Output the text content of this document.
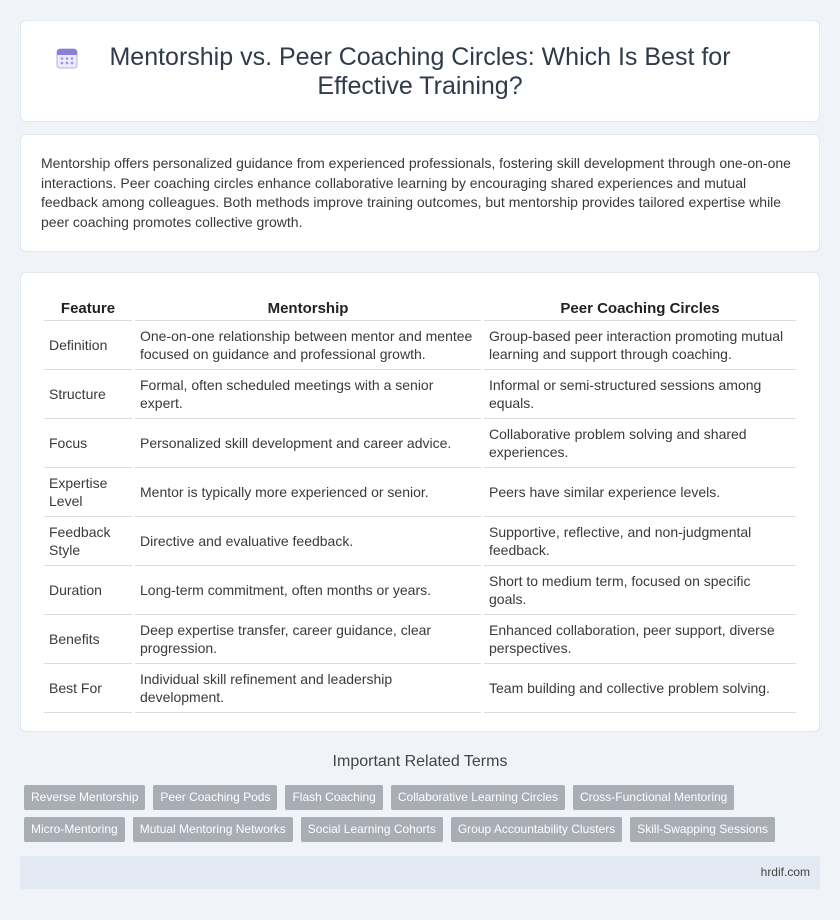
Mentorship vs. Peer Coaching Circles: Which Is Best for Effective Training?

Mentorship offers personalized guidance from experienced professionals, fostering skill development through one-on-one interactions. Peer coaching circles enhance collaborative learning by encouraging shared experiences and mutual feedback among colleagues. Both methods improve training outcomes, but mentorship provides tailored expertise while peer coaching promotes collective growth.

Feature	Mentorship	Peer Coaching Circles
Definition	One-on-one relationship between mentor and mentee focused on guidance and professional growth.	Group-based peer interaction promoting mutual learning and support through coaching.
Structure	Formal, often scheduled meetings with a senior expert.	Informal or semi-structured sessions among equals.
Focus	Personalized skill development and career advice.	Collaborative problem solving and shared experiences.
Expertise Level	Mentor is typically more experienced or senior.	Peers have similar experience levels.
Feedback Style	Directive and evaluative feedback.	Supportive, reflective, and non-judgmental feedback.
Duration	Long-term commitment, often months or years.	Short to medium term, focused on specific goals.
Benefits	Deep expertise transfer, career guidance, clear progression.	Enhanced collaboration, peer support, diverse perspectives.
Best For	Individual skill refinement and leadership development.	Team building and collective problem solving.
Important Related Terms
Reverse Mentorship	Peer Coaching Pods	Flash Coaching	Collaborative Learning Circles	Cross-Functional Mentoring
Micro-Mentoring	Mutual Mentoring Networks	Social Learning Cohorts	Group Accountability Clusters	Skill-Swapping Sessions
hrdif.com
